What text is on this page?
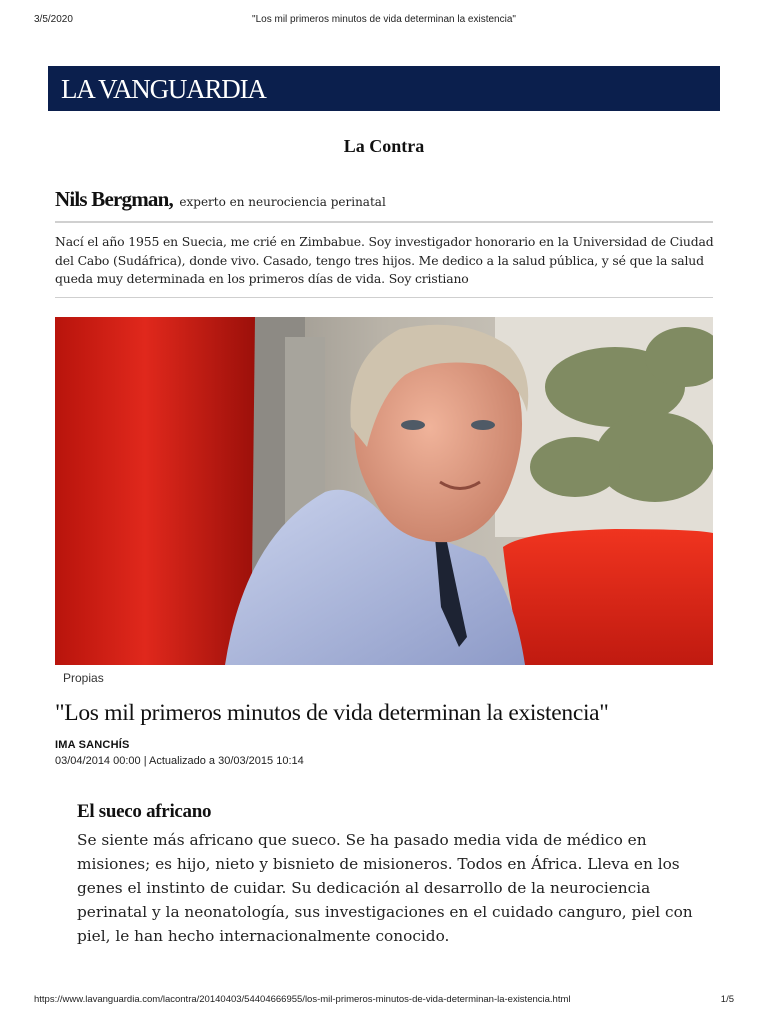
3/5/2020	"Los mil primeros minutos de vida determinan la existencia"
LA VANGUARDIA
La Contra
Nils Bergman, experto en neurociencia perinatal
Nací el año 1955 en Suecia, me crié en Zimbabue. Soy investigador honorario en la Universidad de Ciudad del Cabo (Sudáfrica), donde vivo. Casado, tengo tres hijos. Me dedico a la salud pública, y sé que la salud queda muy determinada en los primeros días de vida. Soy cristiano
Propias
"Los mil primeros minutos de vida determinan la existencia"
IMA SANCHÍS
03/04/2014 00:00 | Actualizado a 30/03/2015 10:14
El sueco africano
Se siente más africano que sueco. Se ha pasado media vida de médico en misiones; es hijo, nieto y bisnieto de misioneros. Todos en África. Lleva en los genes el instinto de cuidar. Su dedicación al desarrollo de la neurociencia perinatal y la neonatología, sus investigaciones en el cuidado canguro, piel con piel, le han hecho internacionalmente conocido.
https://www.lavanguardia.com/lacontra/20140403/54404666955/los-mil-primeros-minutos-de-vida-determinan-la-existencia.html	1/5
